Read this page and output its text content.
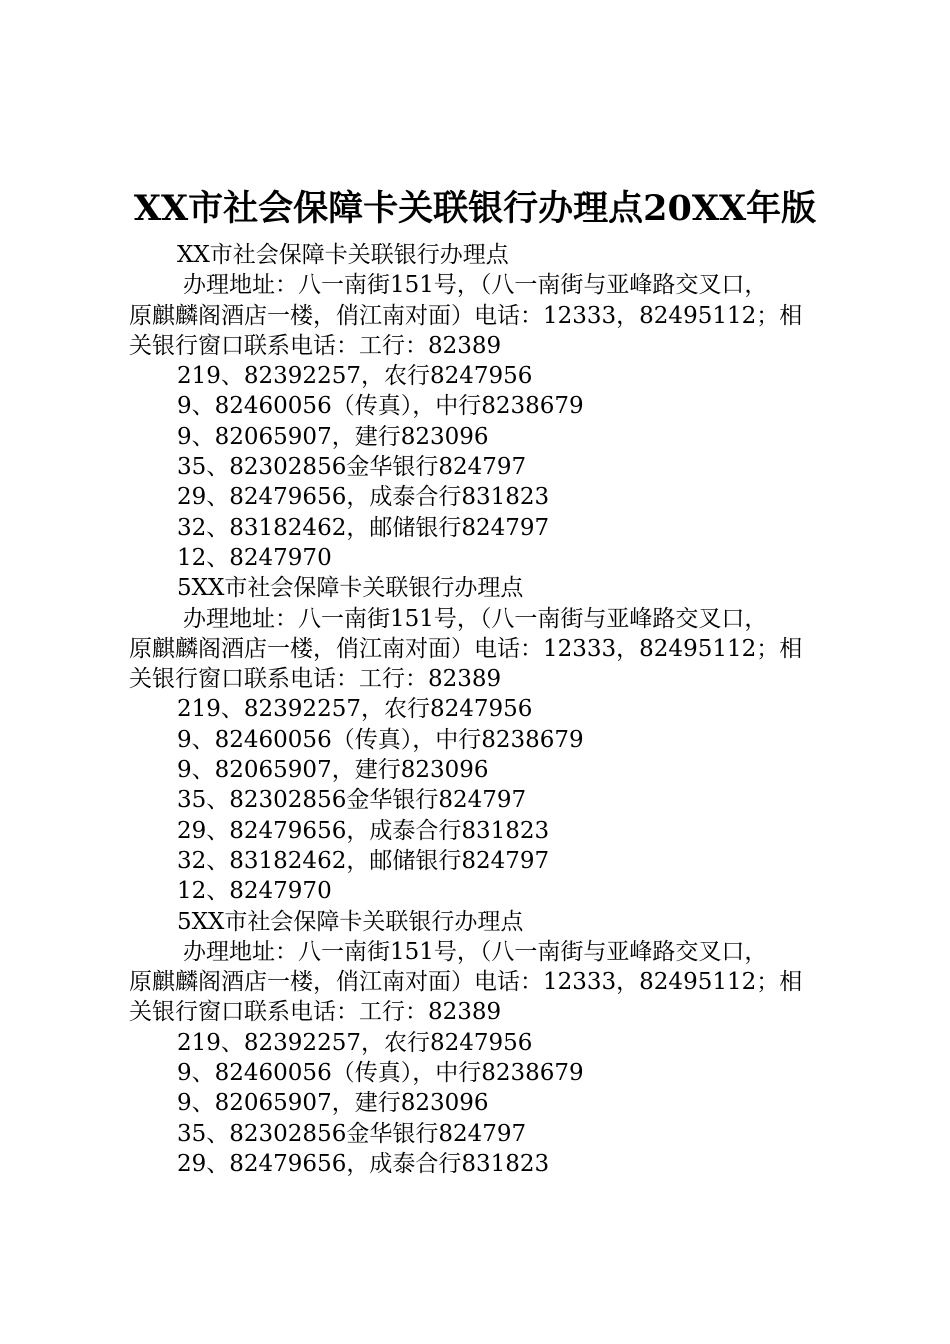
XX市社会保障卡关联银行办理点20XX年版
XX市社会保障卡关联银行办理点
办理地址：八一南街151号，（八一南街与亚峰路交叉口，
原麒麟阁酒店一楼，俏江南对面）电话：12333，82495112；相
关银行窗口联系电话：工行：82389
219、82392257，农行8247956
9、82460056（传真），中行8238679
9、82065907，建行823096
35、82302856金华银行824797
29、82479656，成泰合行831823
32、83182462，邮储银行824797
12、8247970
5XX市社会保障卡关联银行办理点
办理地址：八一南街151号，（八一南街与亚峰路交叉口，
原麒麟阁酒店一楼，俏江南对面）电话：12333，82495112；相
关银行窗口联系电话：工行：82389
219、82392257，农行8247956
9、82460056（传真），中行8238679
9、82065907，建行823096
35、82302856金华银行824797
29、82479656，成泰合行831823
32、83182462，邮储银行824797
12、8247970
5XX市社会保障卡关联银行办理点
办理地址：八一南街151号，（八一南街与亚峰路交叉口，
原麒麟阁酒店一楼，俏江南对面）电话：12333，82495112；相
关银行窗口联系电话：工行：82389
219、82392257，农行8247956
9、82460056（传真），中行8238679
9、82065907，建行823096
35、82302856金华银行824797
29、82479656，成泰合行831823
